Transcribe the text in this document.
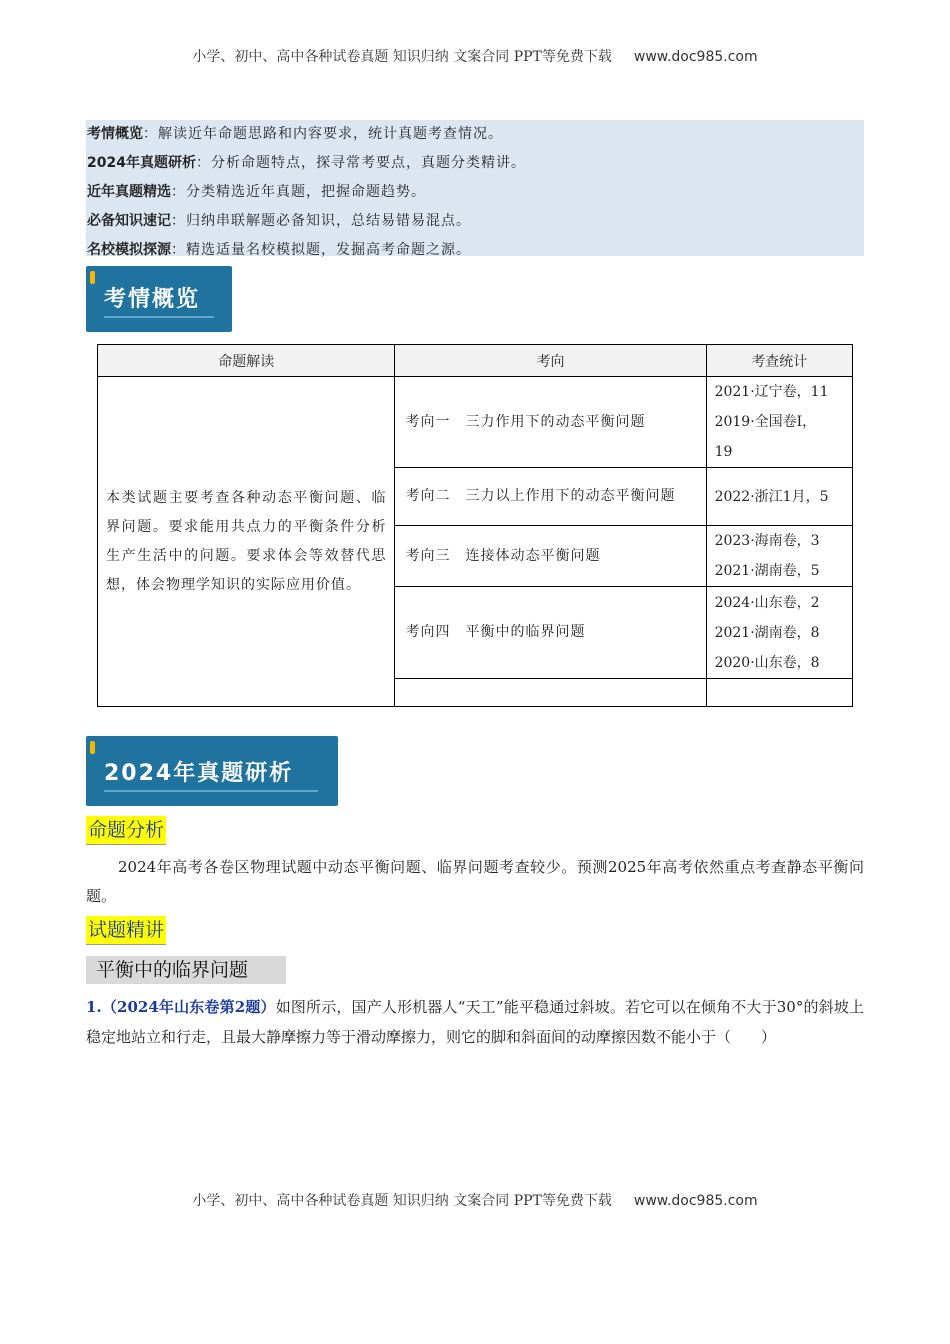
小学、初中、高中各种试卷真题 知识归纳 文案合同 PPT等免费下载 www.doc985.com
考情概览：解读近年命题思路和内容要求，统计真题考查情况。
2024年真题研析：分析命题特点，探寻常考要点，真题分类精讲。
近年真题精选：分类精选近年真题，把握命题趋势。
必备知识速记：归纳串联解题必备知识，总结易错易混点。
名校模拟探源：精选适量名校模拟题，发掘高考命题之源。
考情概览
命题解读	考向	考查统计
本类试题主要考查各种动态平衡问题、临界问题。要求能用共点力的平衡条件分析生产生活中的问题。要求体会等效替代思想，体会物理学知识的实际应用价值。	考向一　三力作用下的动态平衡问题	2021·辽宁卷，11
2019·全国卷Ⅰ，
19

	考向二　三力以上作用下的动态平衡问题	2022·浙江1月，5

	考向三　连接体动态平衡问题	2023·海南卷，3
2021·湖南卷，5

	考向四　平衡中的临界问题	2024·山东卷，2
2021·湖南卷，8
2020·山东卷，8

2024年真题研析
命题分析
2024年高考各卷区物理试题中动态平衡问题、临界问题考查较少。预测2025年高考依然重点考查静态平衡问题。
试题精讲
平衡中的临界问题
1.（2024年山东卷第2题）如图所示，国产人形机器人“天工”能平稳通过斜坡。若它可以在倾角不大于30°的斜坡上稳定地站立和行走，且最大静摩擦力等于滑动摩擦力，则它的脚和斜面间的动摩擦因数不能小于（　　）
小学、初中、高中各种试卷真题 知识归纳 文案合同 PPT等免费下载 www.doc985.com
